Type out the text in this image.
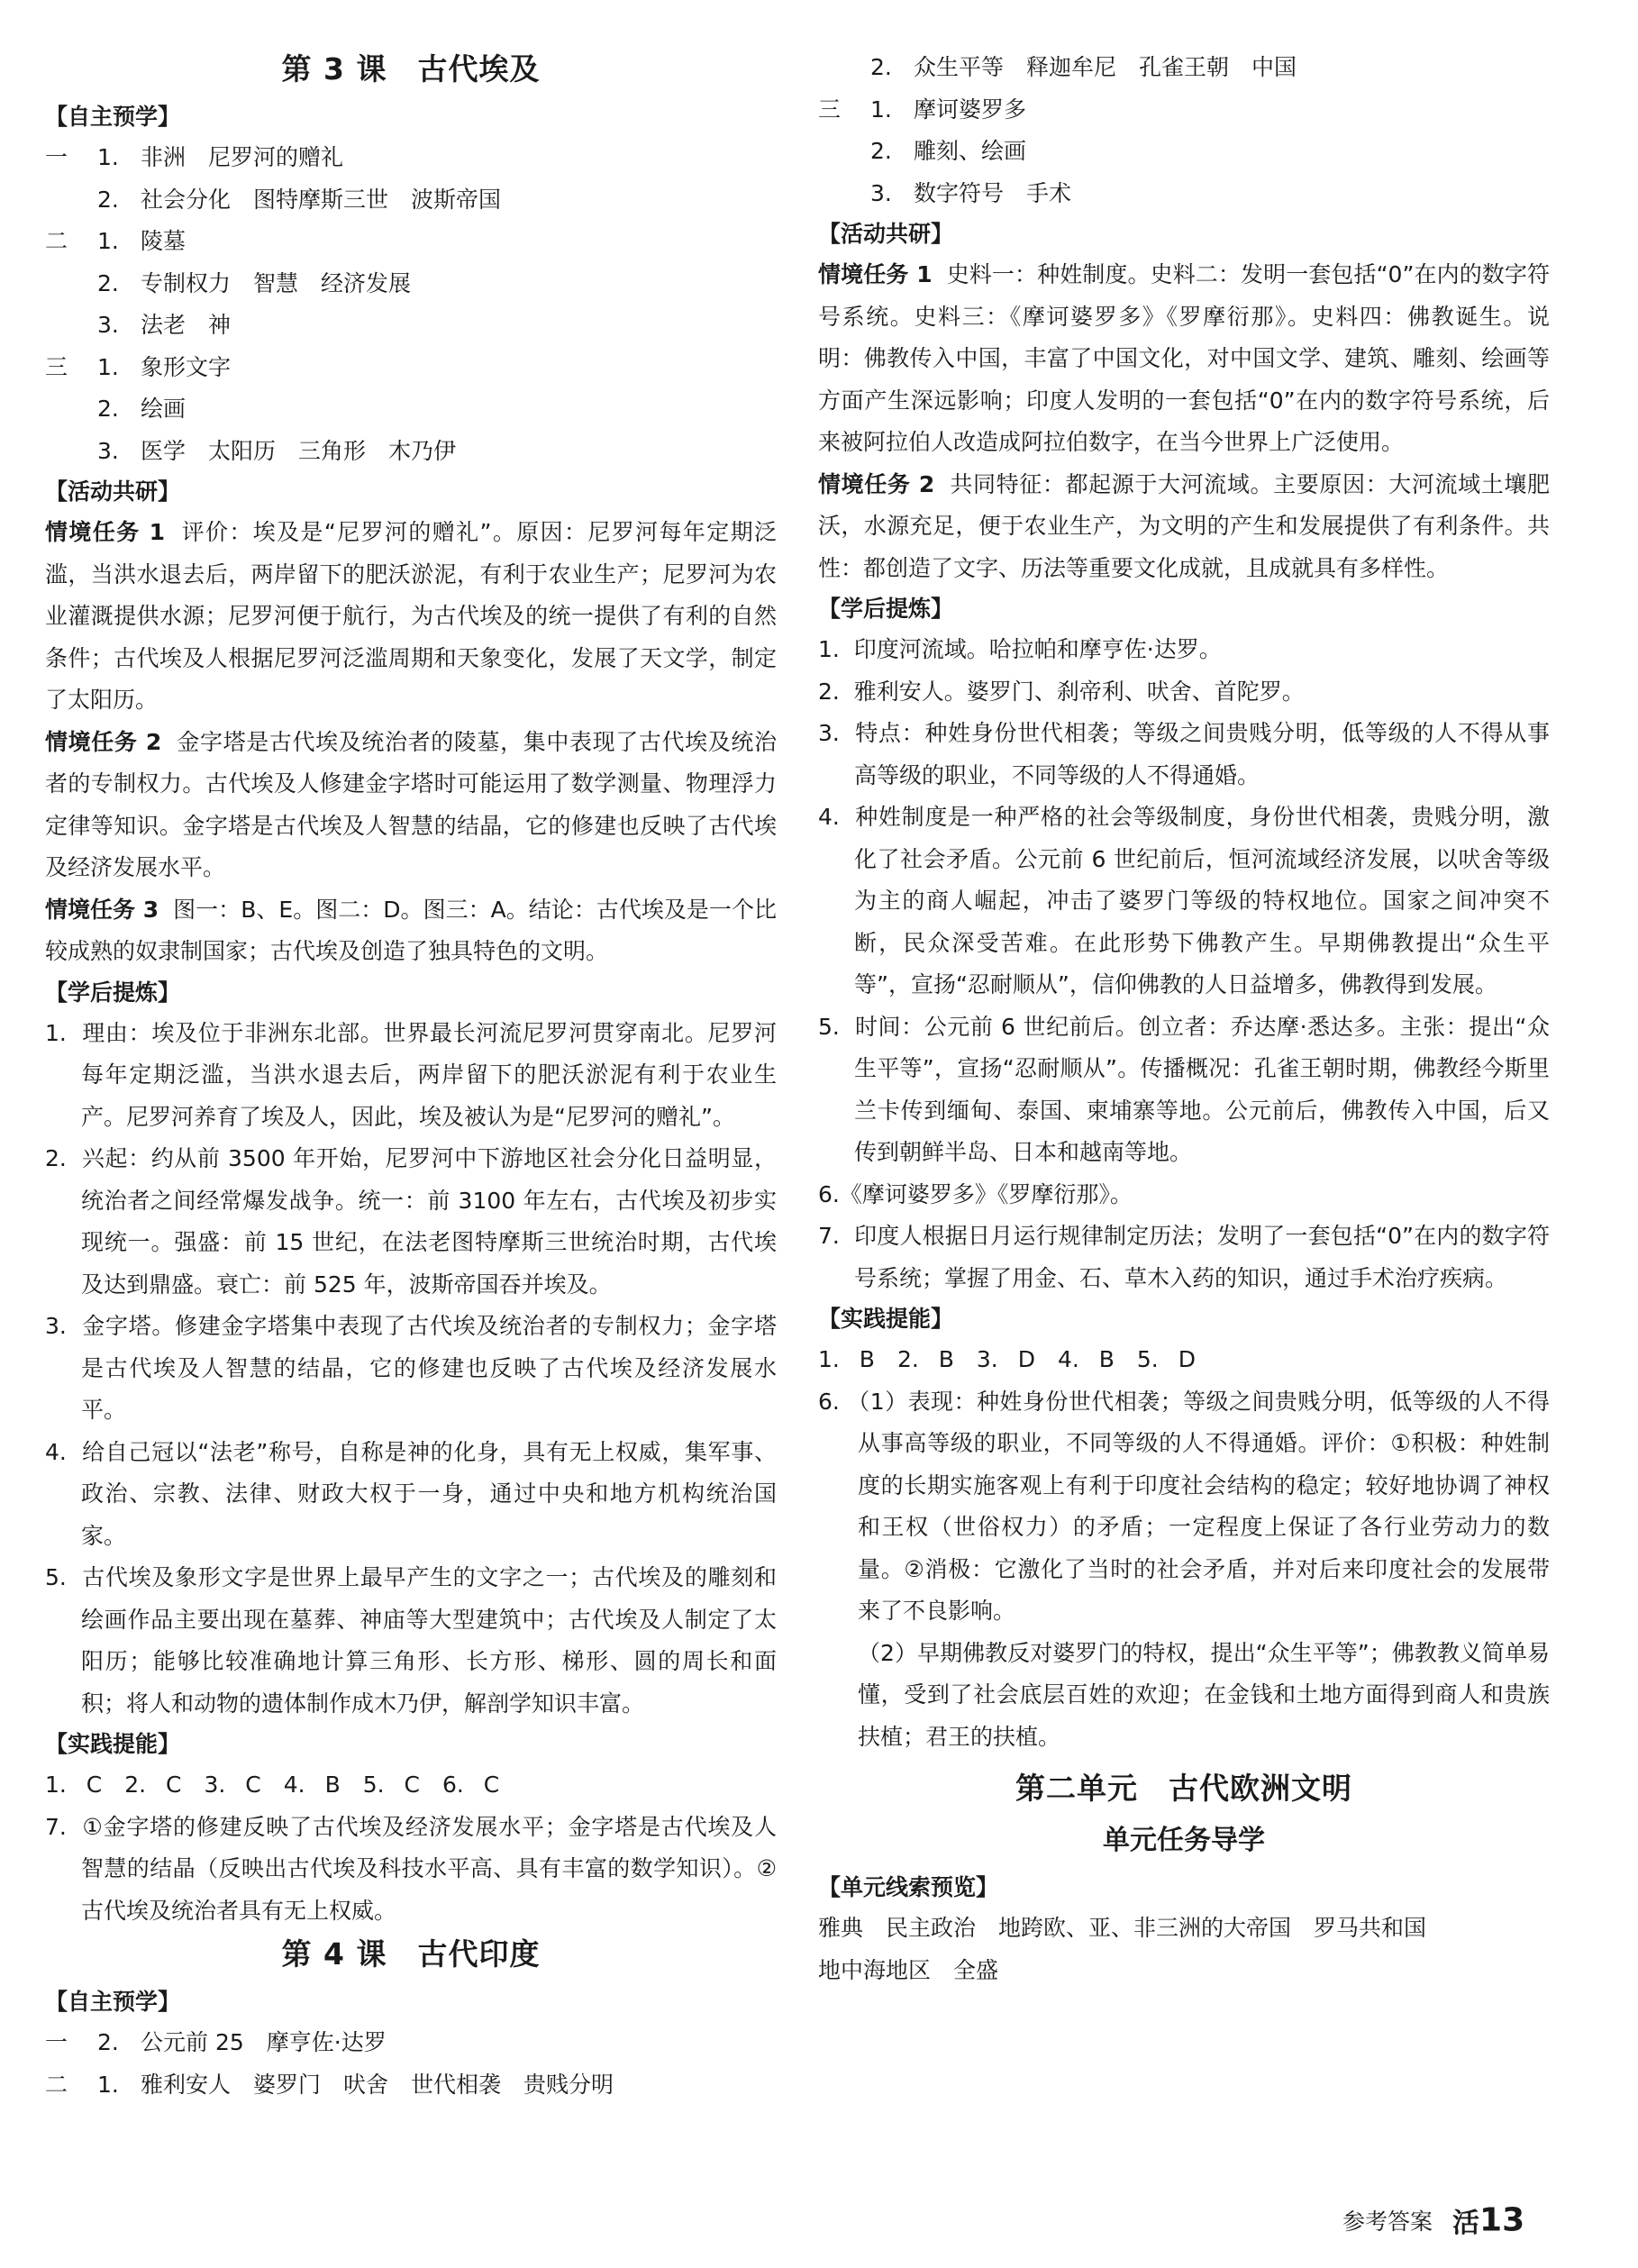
第 3 课　古代埃及
【自主预学】
一 1. 非洲　尼罗河的赠礼
2. 社会分化　图特摩斯三世　波斯帝国
二 1. 陵墓
2. 专制权力　智慧　经济发展
3. 法老　神
三 1. 象形文字
2. 绘画
3. 医学　太阳历　三角形　木乃伊
【活动共研】
情境任务 1 评价：埃及是“尼罗河的赠礼”。原因：尼罗河每年定期泛滥，当洪水退去后，两岸留下的肥沃淤泥，有利于农业生产；尼罗河为农业灌溉提供水源；尼罗河便于航行，为古代埃及的统一提供了有利的自然条件；古代埃及人根据尼罗河泛滥周期和天象变化，发展了天文学，制定了太阳历。
情境任务 2 金字塔是古代埃及统治者的陵墓，集中表现了古代埃及统治者的专制权力。古代埃及人修建金字塔时可能运用了数学测量、物理浮力定律等知识。金字塔是古代埃及人智慧的结晶，它的修建也反映了古代埃及经济发展水平。
情境任务 3 图一：B、E。图二：D。图三：A。结论：古代埃及是一个比较成熟的奴隶制国家；古代埃及创造了独具特色的文明。
【学后提炼】
1. 理由：埃及位于非洲东北部。世界最长河流尼罗河贯穿南北。尼罗河每年定期泛滥，当洪水退去后，两岸留下的肥沃淤泥有利于农业生产。尼罗河养育了埃及人，因此，埃及被认为是“尼罗河的赠礼”。
2. 兴起：约从前 3500 年开始，尼罗河中下游地区社会分化日益明显，统治者之间经常爆发战争。统一：前 3100 年左右，古代埃及初步实现统一。强盛：前 15 世纪，在法老图特摩斯三世统治时期，古代埃及达到鼎盛。衰亡：前 525 年，波斯帝国吞并埃及。
3. 金字塔。修建金字塔集中表现了古代埃及统治者的专制权力；金字塔是古代埃及人智慧的结晶，它的修建也反映了古代埃及经济发展水平。
4. 给自己冠以“法老”称号，自称是神的化身，具有无上权威，集军事、政治、宗教、法律、财政大权于一身，通过中央和地方机构统治国家。
5. 古代埃及象形文字是世界上最早产生的文字之一；古代埃及的雕刻和绘画作品主要出现在墓葬、神庙等大型建筑中；古代埃及人制定了太阳历；能够比较准确地计算三角形、长方形、梯形、圆的周长和面积；将人和动物的遗体制作成木乃伊，解剖学知识丰富。
【实践提能】
1. C　2. C　3. C　4. B　5. C　6. C
7. ①金字塔的修建反映了古代埃及经济发展水平；金字塔是古代埃及人智慧的结晶（反映出古代埃及科技水平高、具有丰富的数学知识）。②古代埃及统治者具有无上权威。
第 4 课　古代印度
【自主预学】
一 2. 公元前 25　摩亨佐·达罗
二 1. 雅利安人　婆罗门　吠舍　世代相袭　贵贱分明
2. 众生平等　释迦牟尼　孔雀王朝　中国
三 1. 摩诃婆罗多
2. 雕刻、绘画
3. 数字符号　手术
【活动共研】
情境任务 1 史料一：种姓制度。史料二：发明一套包括“0”在内的数字符号系统。史料三：《摩诃婆罗多》《罗摩衍那》。史料四：佛教诞生。说明：佛教传入中国，丰富了中国文化，对中国文学、建筑、雕刻、绘画等方面产生深远影响；印度人发明的一套包括“0”在内的数字符号系统，后来被阿拉伯人改造成阿拉伯数字，在当今世界上广泛使用。
情境任务 2 共同特征：都起源于大河流域。主要原因：大河流域土壤肥沃，水源充足，便于农业生产，为文明的产生和发展提供了有利条件。共性：都创造了文字、历法等重要文化成就，且成就具有多样性。
【学后提炼】
1. 印度河流域。哈拉帕和摩亨佐·达罗。
2. 雅利安人。婆罗门、刹帝利、吠舍、首陀罗。
3. 特点：种姓身份世代相袭；等级之间贵贱分明，低等级的人不得从事高等级的职业，不同等级的人不得通婚。
4. 种姓制度是一种严格的社会等级制度，身份世代相袭，贵贱分明，激化了社会矛盾。公元前 6 世纪前后，恒河流域经济发展，以吠舍等级为主的商人崛起，冲击了婆罗门等级的特权地位。国家之间冲突不断，民众深受苦难。在此形势下佛教产生。早期佛教提出“众生平等”，宣扬“忍耐顺从”，信仰佛教的人日益增多，佛教得到发展。
5. 时间：公元前 6 世纪前后。创立者：乔达摩·悉达多。主张：提出“众生平等”，宣扬“忍耐顺从”。传播概况：孔雀王朝时期，佛教经今斯里兰卡传到缅甸、泰国、柬埔寨等地。公元前后，佛教传入中国，后又传到朝鲜半岛、日本和越南等地。
6.《摩诃婆罗多》《罗摩衍那》。
7. 印度人根据日月运行规律制定历法；发明了一套包括“0”在内的数字符号系统；掌握了用金、石、草木入药的知识，通过手术治疗疾病。
【实践提能】
1. B　2. B　3. D　4. B　5. D
6. （1）表现：种姓身份世代相袭；等级之间贵贱分明，低等级的人不得从事高等级的职业，不同等级的人不得通婚。评价：①积极：种姓制度的长期实施客观上有利于印度社会结构的稳定；较好地协调了神权和王权（世俗权力）的矛盾；一定程度上保证了各行业劳动力的数量。②消极：它激化了当时的社会矛盾，并对后来印度社会的发展带来了不良影响。
（2）早期佛教反对婆罗门的特权，提出“众生平等”；佛教教义简单易懂，受到了社会底层百姓的欢迎；在金钱和土地方面得到商人和贵族扶植；君王的扶植。
第二单元　古代欧洲文明
单元任务导学
【单元线索预览】
雅典　民主政治　地跨欧、亚、非三洲的大帝国　罗马共和国
地中海地区　全盛
参考答案 活13
